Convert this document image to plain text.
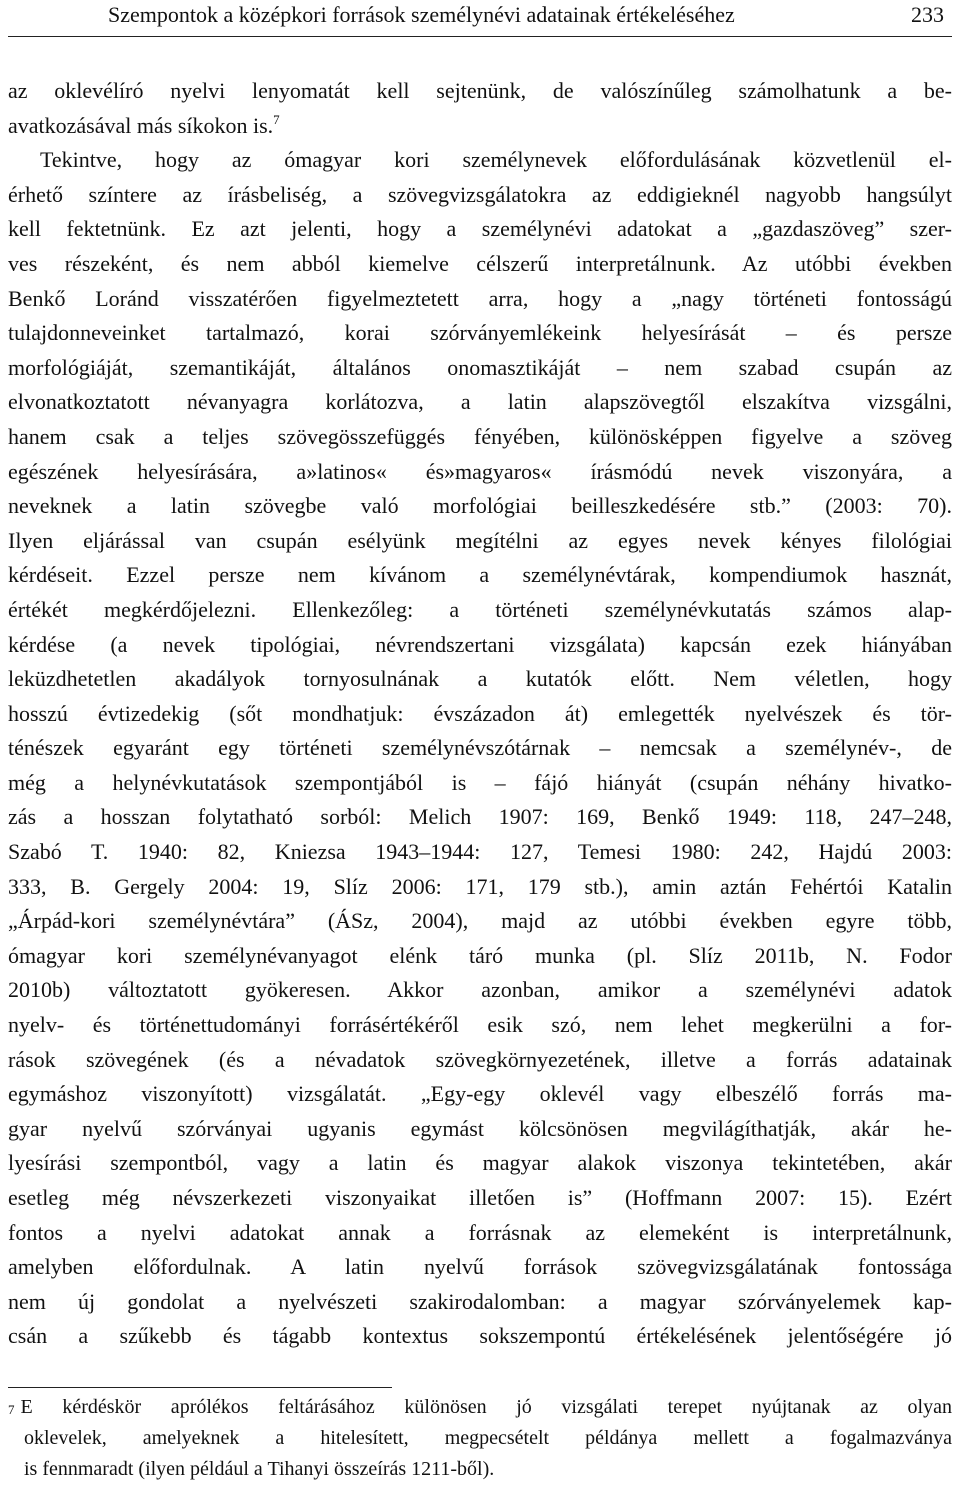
Szempontok a középkori források személynévi adatainak értékeléséhez	233
az oklevélíró nyelvi lenyomatát kell sejtenünk, de valószínűleg számolhatunk a be-
avatkozásával más síkokon is.$^7$
Tekintve, hogy az ómagyar kori személynevek előfordulásának közvetlenül el-
érhető színtere az írásbeliség, a szövegvizsgálatokra az eddigieknél nagyobb hangsúlyt
kell fektetnünk. Ez azt jelenti, hogy a személynévi adatokat a „gazdaszöveg” szer-
ves részeként, és nem abból kiemelve célszerű interpretálnunk. Az utóbbi években
Benkő Loránd visszatérően figyelmeztetett arra, hogy a „nagy történeti fontosságú
tulajdonneveinket tartalmazó, korai szórványemlékeink helyesírását – és persze
morfológiáját, szemantikáját, általános onomasztikáját – nem szabad csupán az
elvonatkoztatott névanyagra korlátozva, a latin alapszövegtől elszakítva vizsgálni,
hanem csak a teljes szövegösszefüggés fényében, különösképpen figyelve a szöveg
egészének helyesírására, a»latinos« és»magyaros« írásmódú nevek viszonyára, a
neveknek a latin szövegbe való morfológiai beilleszkedésére stb.” (2003: 70).
Ilyen eljárással van csupán esélyünk megítélni az egyes nevek kényes filológiai
kérdéseit. Ezzel persze nem kívánom a személynévtárak, kompendiumok hasznát,
értékét megkérdőjelezni. Ellenkezőleg: a történeti személynévkutatás számos alap-
kérdése (a nevek tipológiai, névrendszertani vizsgálata) kapcsán ezek hiányában
leküzdhetetlen akadályok tornyosulnának a kutatók előtt. Nem véletlen, hogy
hosszú évtizedekig (sőt mondhatjuk: évszázadon át) emlegették nyelvészek és tör-
ténészek egyaránt egy történeti személynévszótárnak – nemcsak a személynév-, de
még a helynévkutatások szempontjából is – fájó hiányát (csupán néhány hivatko-
zás a hosszan folytatható sorból: Melich 1907: 169, Benkő 1949: 118, 247–248,
Szabó T. 1940: 82, Kniezsa 1943–1944: 127, Temesi 1980: 242, Hajdú 2003:
333, B. Gergely 2004: 19, Slíz 2006: 171, 179 stb.), amin aztán Fehértói Katalin
„Árpád-kori személynévtára” (ÁSz, 2004), majd az utóbbi években egyre több,
ómagyar kori személynévanyagot elénk táró munka (pl. Slíz 2011b, N. Fodor
2010b) változtatott gyökeresen. Akkor azonban, amikor a személynévi adatok
nyelv- és történettudományi forrásértékéről esik szó, nem lehet megkerülni a for-
rások szövegének (és a névadatok szövegkörnyezetének, illetve a forrás adatainak
egymáshoz viszonyított) vizsgálatát. „Egy-egy oklevél vagy elbeszélő forrás ma-
gyar nyelvű szórványai ugyanis egymást kölcsönösen megvilágíthatják, akár he-
lyesírási szempontból, vagy a latin és magyar alakok viszonya tekintetében, akár
esetleg még névszerkezeti viszonyaikat illetően is” (Hoffmann 2007: 15). Ezért
fontos a nyelvi adatokat annak a forrásnak az elemeként is interpretálnunk,
amelyben előfordulnak. A latin nyelvű források szövegvizsgálatának fontossága
nem új gondolat a nyelvészeti szakirodalomban: a magyar szórványelemek kap-
csán a szűkebb és tágabb kontextus sokszempontú értékelésének jelentőségére jó
$^7$ E kérdéskör aprólékos feltárásához különösen jó vizsgálati terepet nyújtanak az olyan
oklevelek, amelyeknek a hitelesített, megpecsételt példánya mellett a fogalmazványa
is fennmaradt (ilyen például a Tihanyi összeírás 1211-ből).
